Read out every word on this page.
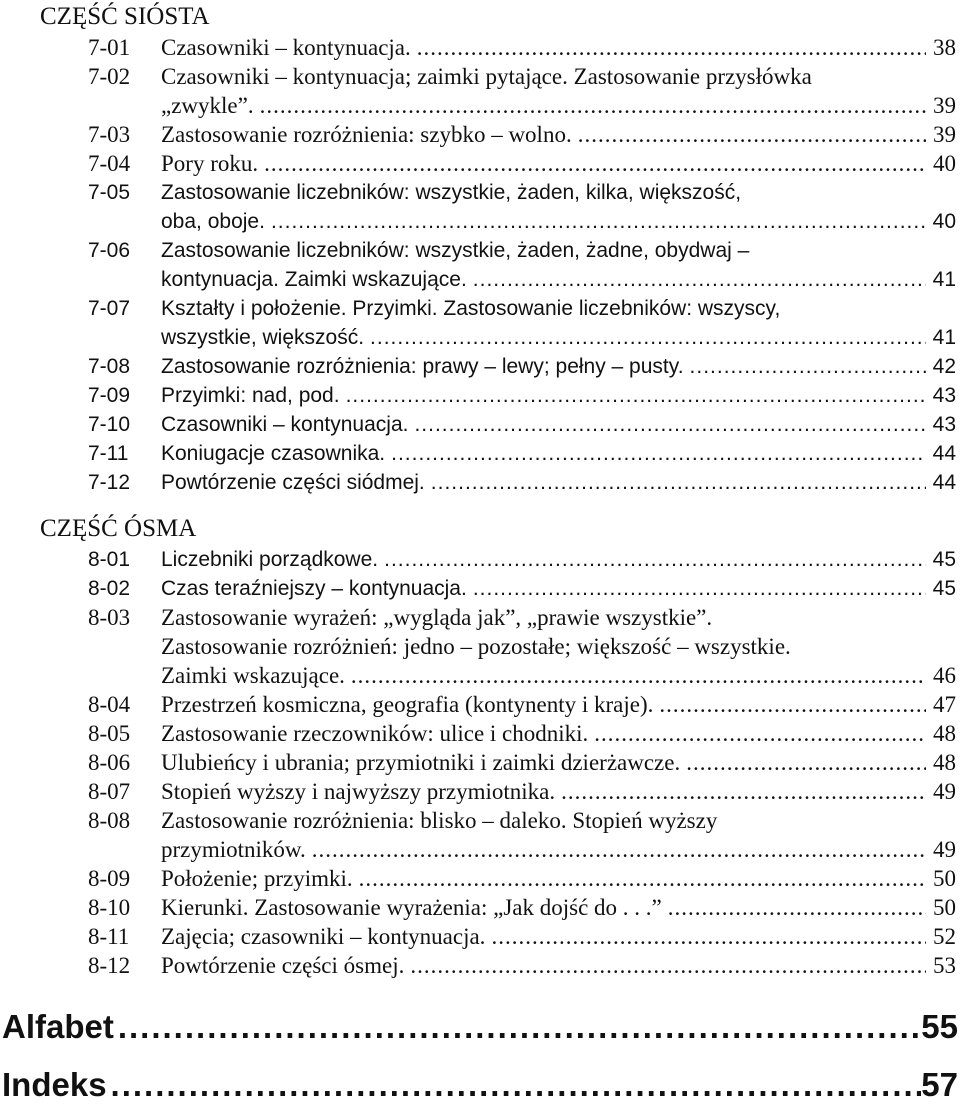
CZĘŚĆ SIÓSTA
7-01 Czasowniki – kontynuacja. .....	38
7-02 Czasowniki – kontynuacja; zaimki pytające. Zastosowanie przysłówka
„zwykle”. .....	39
7-03 Zastosowanie rozróżnienia: szybko – wolno. .....	39
7-04 Pory roku. .....	40
7-05 Zastosowanie liczebników: wszystkie, żaden, kilka, większość,
oba, oboje. .....	40
7-06 Zastosowanie liczebników: wszystkie, żaden, żadne, obydwaj –
kontynuacja. Zaimki wskazujące. .....	41
7-07 Kształty i położenie. Przyimki. Zastosowanie liczebników: wszyscy,
wszystkie, większość. .....	41
7-08 Zastosowanie rozróżnienia: prawy – lewy; pełny – pusty. .....	42
7-09 Przyimki: nad, pod. .....	43
7-10 Czasowniki – kontynuacja. .....	43
7-11 Koniugacje czasownika. .....	44
7-12 Powtórzenie części siódmej. .....	44
CZĘŚĆ ÓSMA
8-01 Liczebniki porządkowe. .....	45
8-02 Czas teraźniejszy – kontynuacja. .....	45
8-03 Zastosowanie wyrażeń: „wygląda jak”, „prawie wszystkie”.
Zastosowanie rozróżnień: jedno – pozostałe; większość – wszystkie.
Zaimki wskazujące. .....	46
8-04 Przestrzeń kosmiczna, geografia (kontynenty i kraje). .....	47
8-05 Zastosowanie rzeczowników: ulice i chodniki. .....	48
8-06 Ulubieńcy i ubrania; przymiotniki i zaimki dzierżawcze. .....	48
8-07 Stopień wyższy i najwyższy przymiotnika. .....	49
8-08 Zastosowanie rozróżnienia: blisko – daleko. Stopień wyższy
przymiotników. .....	49
8-09 Położenie; przyimki. .....	50
8-10 Kierunki. Zastosowanie wyrażenia: „Jak dojść do . . .” .....	50
8-11 Zajęcia; czasowniki – kontynuacja. .....	52
8-12 Powtórzenie części ósmej. .....	53
Alfabet .....	55
Indeks .....	57
